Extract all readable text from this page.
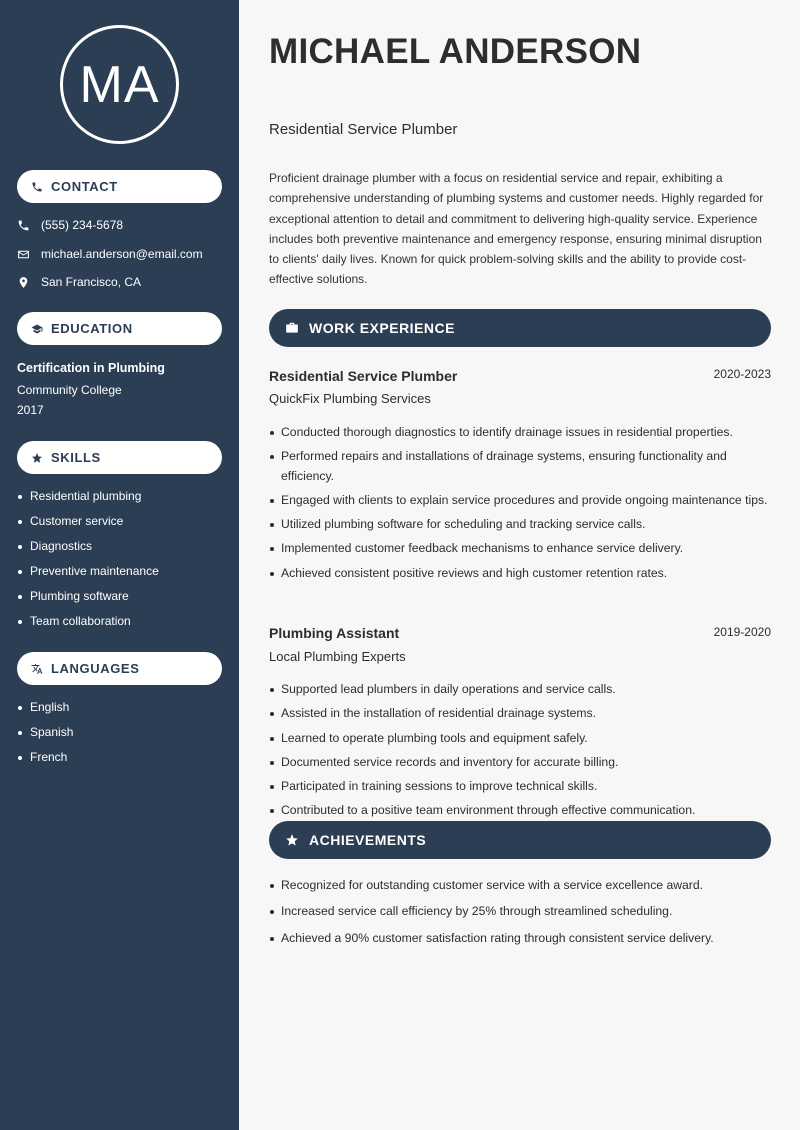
MA
CONTACT
(555) 234-5678
michael.anderson@email.com
San Francisco, CA
EDUCATION
Certification in Plumbing
Community College
2017
SKILLS
Residential plumbing
Customer service
Diagnostics
Preventive maintenance
Plumbing software
Team collaboration
LANGUAGES
English
Spanish
French
MICHAEL ANDERSON
Residential Service Plumber

Proficient drainage plumber with a focus on residential service and repair, exhibiting a comprehensive understanding of plumbing systems and customer needs. Highly regarded for exceptional attention to detail and commitment to delivering high-quality service. Experience includes both preventive maintenance and emergency response, ensuring minimal disruption to clients' daily lives. Known for quick problem-solving skills and the ability to provide cost-effective solutions.

WORK EXPERIENCE
Residential Service Plumber	2020-2023
QuickFix Plumbing Services
Conducted thorough diagnostics to identify drainage issues in residential properties.
Performed repairs and installations of drainage systems, ensuring functionality and efficiency.
Engaged with clients to explain service procedures and provide ongoing maintenance tips.
Utilized plumbing software for scheduling and tracking service calls.
Implemented customer feedback mechanisms to enhance service delivery.
Achieved consistent positive reviews and high customer retention rates.
Plumbing Assistant	2019-2020
Local Plumbing Experts
Supported lead plumbers in daily operations and service calls.
Assisted in the installation of residential drainage systems.
Learned to operate plumbing tools and equipment safely.
Documented service records and inventory for accurate billing.
Participated in training sessions to improve technical skills.
Contributed to a positive team environment through effective communication.
ACHIEVEMENTS
Recognized for outstanding customer service with a service excellence award.
Increased service call efficiency by 25% through streamlined scheduling.
Achieved a 90% customer satisfaction rating through consistent service delivery.
